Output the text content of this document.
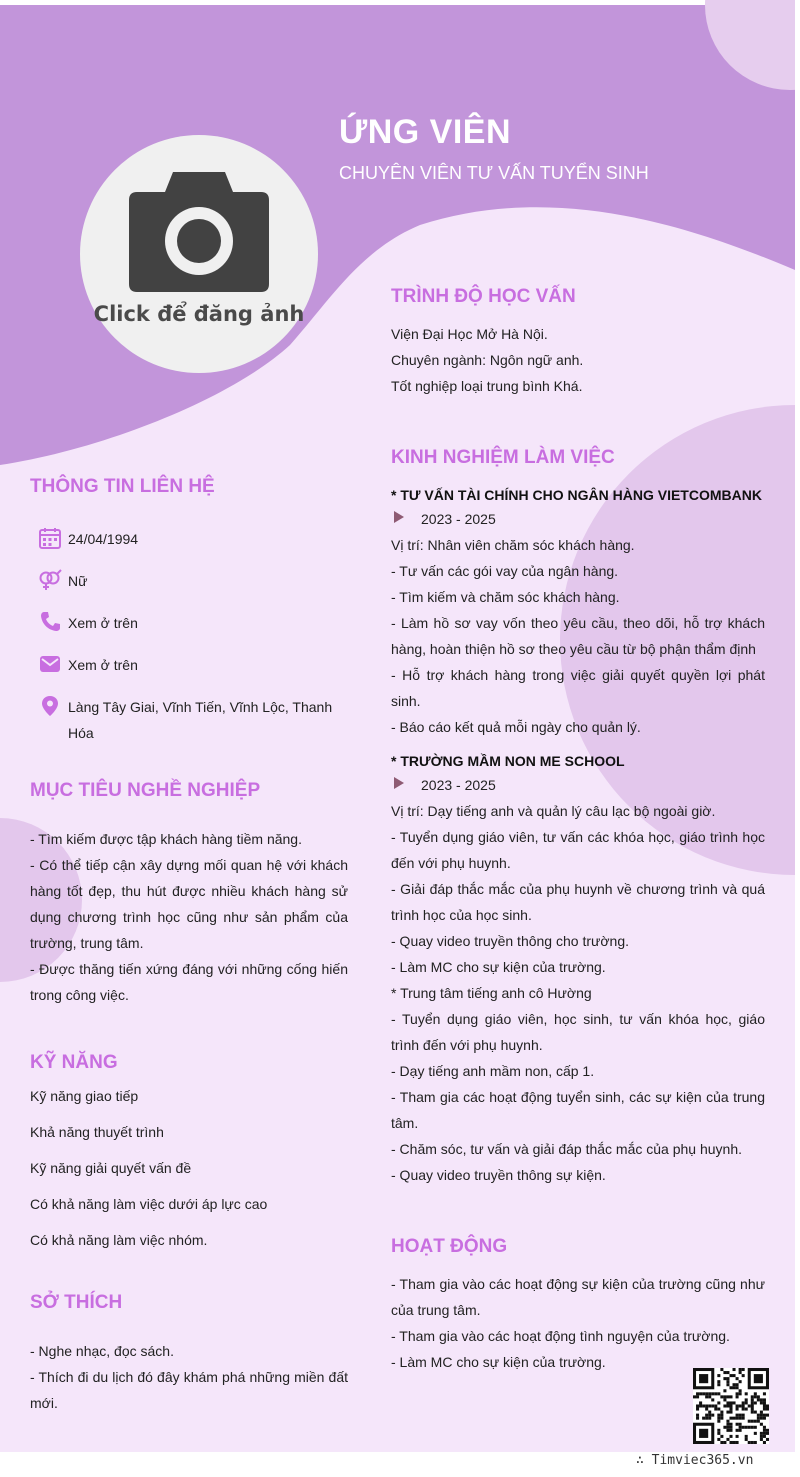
ỨNG VIÊN
CHUYÊN VIÊN TƯ VẤN TUYỂN SINH
Click để đăng ảnh
THÔNG TIN LIÊN HỆ
24/04/1994
Nữ
Xem ở trên
Xem ở trên
Làng Tây Giai, Vĩnh Tiến, Vĩnh Lộc, Thanh Hóa
MỤC TIÊU NGHỀ NGHIỆP
- Tìm kiếm được tập khách hàng tiềm năng.
- Có thể tiếp cận xây dựng mối quan hệ với khách hàng tốt đẹp, thu hút được nhiều khách hàng sử dụng chương trình học cũng như sản phẩm của trường, trung tâm.
- Được thăng tiến xứng đáng với những cống hiến trong công việc.
KỸ NĂNG
Kỹ năng giao tiếp
Khả năng thuyết trình
Kỹ năng giải quyết vấn đề
Có khả năng làm việc dưới áp lực cao
Có khả năng làm việc nhóm.
SỞ THÍCH
- Nghe nhạc, đọc sách.
- Thích đi du lịch đó đây khám phá những miền đất mới.
TRÌNH ĐỘ HỌC VẤN
Viện Đại Học Mở Hà Nội.
Chuyên ngành: Ngôn ngữ anh.
Tốt nghiệp loại trung bình Khá.
KINH NGHIỆM LÀM VIỆC
* TƯ VẤN TÀI CHÍNH CHO NGÂN HÀNG VIETCOMBANK
2023 - 2025
Vị trí: Nhân viên chăm sóc khách hàng.
- Tư vấn các gói vay của ngân hàng.
- Tìm kiếm và chăm sóc khách hàng.
- Làm hồ sơ vay vốn theo yêu cầu, theo dõi, hỗ trợ khách hàng, hoàn thiện hồ sơ theo yêu cầu từ bộ phận thẩm định
- Hỗ trợ khách hàng trong việc giải quyết quyền lợi phát sinh.
- Báo cáo kết quả mỗi ngày cho quản lý.
* TRƯỜNG MẦM NON ME SCHOOL
2023 - 2025
Vị trí: Dạy tiếng anh và quản lý câu lạc bộ ngoài giờ.
- Tuyển dụng giáo viên, tư vấn các khóa học, giáo trình học đến với phụ huynh.
- Giải đáp thắc mắc của phụ huynh về chương trình và quá trình học của học sinh.
- Quay video truyền thông cho trường.
- Làm MC cho sự kiện của trường.
* Trung tâm tiếng anh cô Hường
- Tuyển dụng giáo viên, học sinh, tư vấn khóa học, giáo trình đến với phụ huynh.
- Dạy tiếng anh mầm non, cấp 1.
- Tham gia các hoạt động tuyển sinh, các sự kiện của trung tâm.
- Chăm sóc, tư vấn và giải đáp thắc mắc của phụ huynh.
- Quay video truyền thông sự kiện.
HOẠT ĐỘNG
- Tham gia vào các hoạt động sự kiện của trường cũng như của trung tâm.
- Tham gia vào các hoạt động tình nguyện của trường.
- Làm MC cho sự kiện của trường.
∴ Timviec365.vn
